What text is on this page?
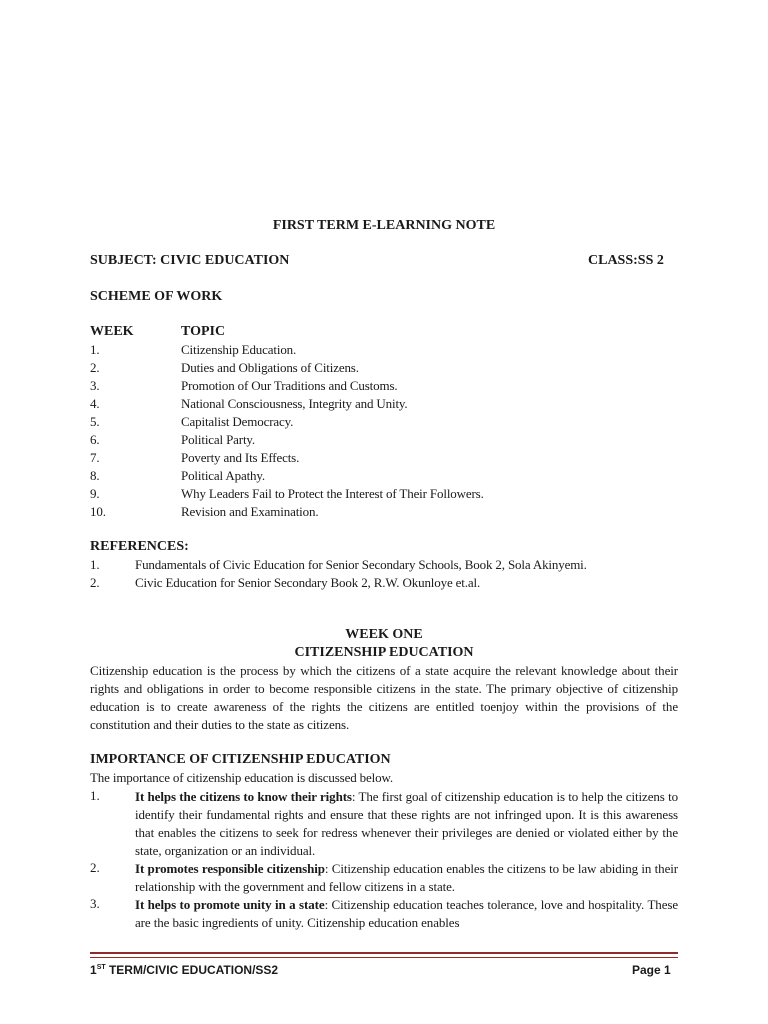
FIRST TERM E-LEARNING NOTE
SUBJECT: CIVIC EDUCATION	CLASS:SS 2
SCHEME OF WORK
WEEK	TOPIC
1.	Citizenship Education.
2.	Duties and Obligations of Citizens.
3.	Promotion of Our Traditions and Customs.
4.	National Consciousness, Integrity and Unity.
5.	Capitalist Democracy.
6.	Political Party.
7.	Poverty and Its Effects.
8.	Political Apathy.
9.	Why Leaders Fail to Protect the Interest of Their Followers.
10.	Revision and Examination.
REFERENCES:
1.	Fundamentals of Civic Education for Senior Secondary Schools, Book 2, Sola Akinyemi.
2.	Civic Education for Senior Secondary Book 2, R.W. Okunloye et.al.
WEEK ONE
CITIZENSHIP EDUCATION
Citizenship education is the process by which the citizens of a state acquire the relevant knowledge about their rights and obligations in order to become responsible citizens in the state. The primary objective of citizenship education is to create awareness of the rights the citizens are entitled toenjoy within the provisions of the constitution and their duties to the state as citizens.
IMPORTANCE OF CITIZENSHIP EDUCATION
The importance of citizenship education is discussed below.
1.	It helps the citizens to know their rights: The first goal of citizenship education is to help the citizens to identify their fundamental rights and ensure that these rights are not infringed upon. It is this awareness that enables the citizens to seek for redress whenever their privileges are denied or violated either by the state, organization or an individual.
2.	It promotes responsible citizenship: Citizenship education enables the citizens to be law abiding in their relationship with the government and fellow citizens in a state.
3.	It helps to promote unity in a state: Citizenship education teaches tolerance, love and hospitality. These are the basic ingredients of unity. Citizenship education enables
1ST TERM/CIVIC EDUCATION/SS2	Page 1
